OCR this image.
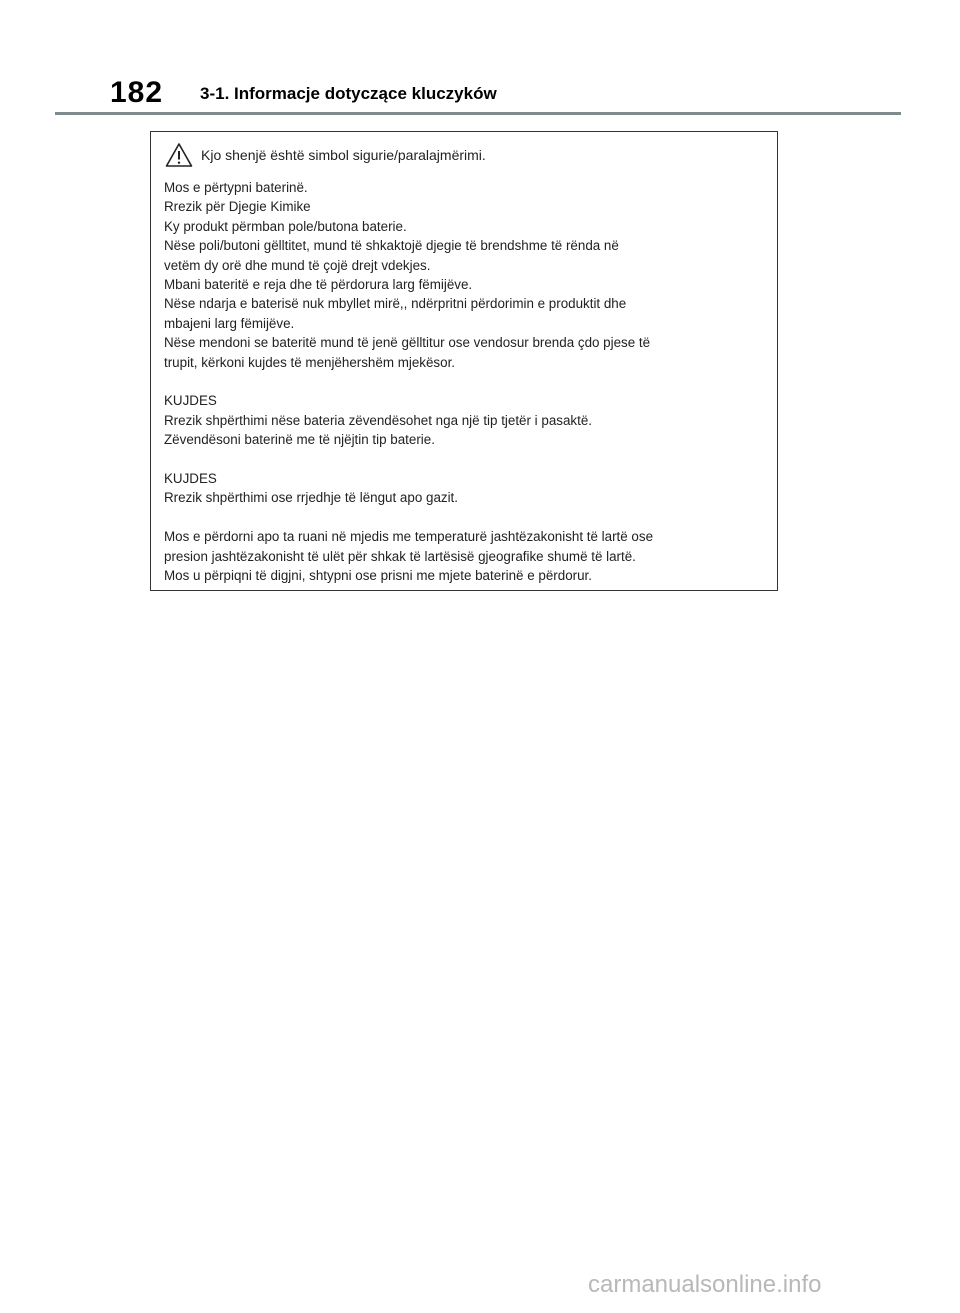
182 3-1. Informacje dotyczące kluczyków
Kjo shenjë është simbol sigurie/paralajmërimi.

Mos e përtypni baterinë.
Rrezik për Djegie Kimike
Ky produkt përmban pole/butona baterie.
Nëse poli/butoni gëlltitet, mund të shkaktojë djegie të brendshme të rënda në
vetëm dy orë dhe mund të çojë drejt vdekjes.
Mbani bateritë e reja dhe të përdorura larg fëmijëve.
Nëse ndarja e baterisë nuk mbyllet mirë,, ndërpritni përdorimin e produktit dhe
mbajeni larg fëmijëve.
Nëse mendoni se bateritë mund të jenë gëlltitur ose vendosur brenda çdo pjese të
trupit, kërkoni kujdes të menjëhershëm mjekësor.

KUJDES
Rrezik shpërthimi nëse bateria zëvendësohet nga një tip tjetër i pasaktë.
Zëvendësoni baterinë me të njëjtin tip baterie.

KUJDES
Rrezik shpërthimi ose rrjedhje të lëngut apo gazit.

Mos e përdorni apo ta ruani në mjedis me temperaturë jashtëzakonisht të lartë ose
presion jashtëzakonisht të ulët për shkak të lartësisë gjeografike shumë të lartë.
Mos u përpiqni të digjni, shtypni ose prisni me mjete baterinë e përdorur.

carmanualsonline.info
